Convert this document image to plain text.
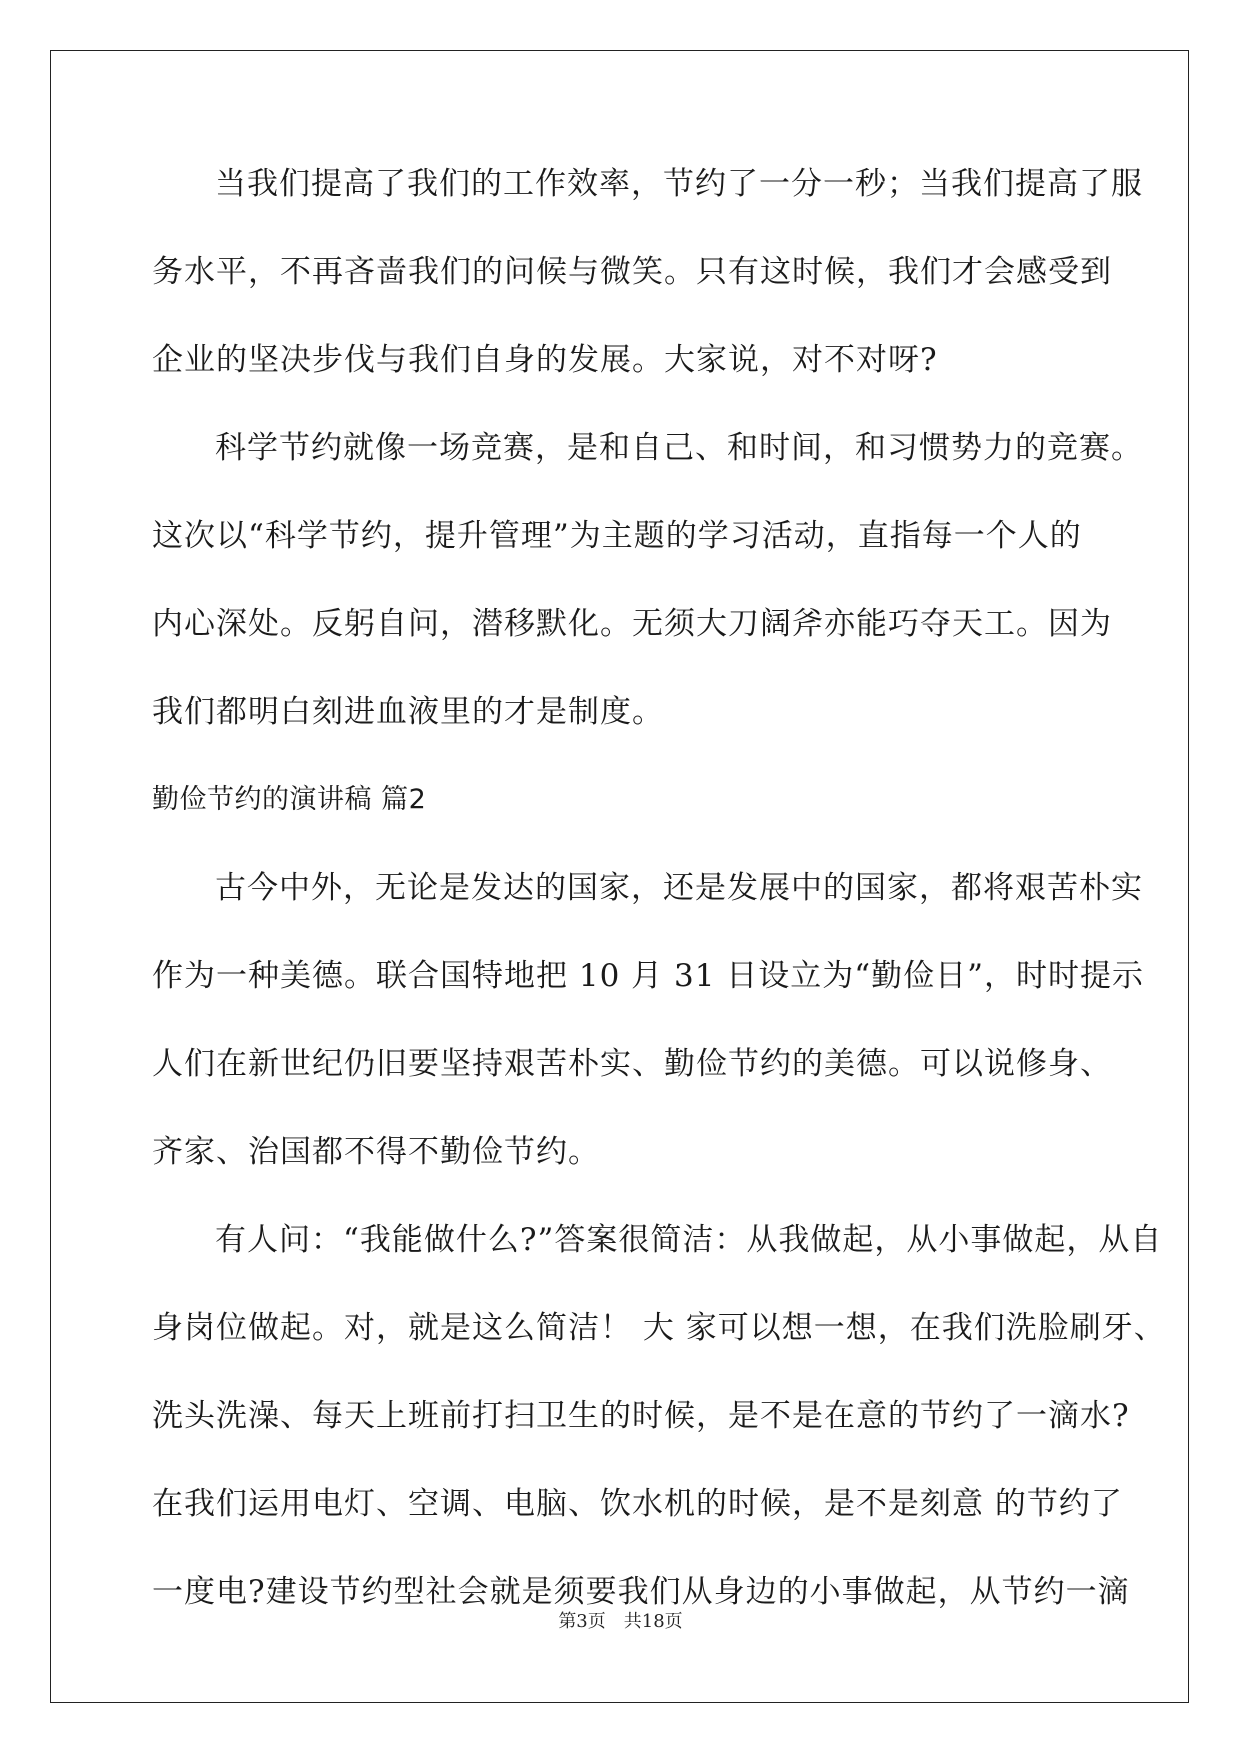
当我们提高了我们的工作效率，节约了一分一秒；当我们提高了服
务水平，不再吝啬我们的问候与微笑。只有这时候，我们才会感受到
企业的坚决步伐与我们自身的发展。大家说，对不对呀?
科学节约就像一场竞赛，是和自己、和时间，和习惯势力的竞赛。
这次以“科学节约，提升管理”为主题的学习活动，直指每一个人的
内心深处。反躬自问，潜移默化。无须大刀阔斧亦能巧夺天工。因为
我们都明白刻进血液里的才是制度。
勤俭节约的演讲稿 篇2
古今中外，无论是发达的国家，还是发展中的国家，都将艰苦朴实
作为一种美德。联合国特地把 10 月 31 日设立为“勤俭日”，时时提示
人们在新世纪仍旧要坚持艰苦朴实、勤俭节约的美德。可以说修身、
齐家、治国都不得不勤俭节约。
有人问：“我能做什么?”答案很简洁：从我做起，从小事做起，从自
身岗位做起。对，就是这么简洁！ 大 家可以想一想，在我们洗脸刷牙、
洗头洗澡、每天上班前打扫卫生的时候，是不是在意的节约了一滴水?
在我们运用电灯、空调、电脑、饮水机的时候，是不是刻意 的节约了
一度电?建设节约型社会就是须要我们从身边的小事做起，从节约一滴
第3页 共18页
